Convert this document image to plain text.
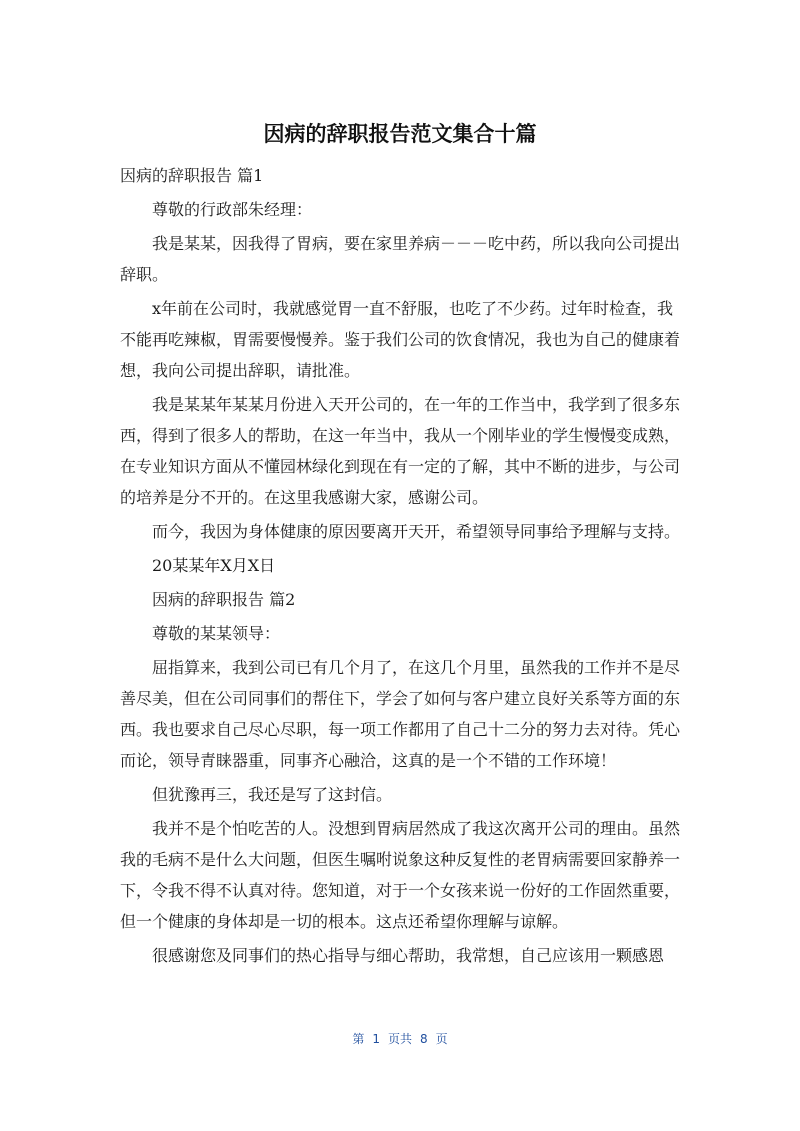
因病的辞职报告范文集合十篇

因病的辞职报告 篇1

尊敬的行政部朱经理：

我是某某，因我得了胃病，要在家里养病－－－吃中药，所以我向公司提出辞职。

x年前在公司时，我就感觉胃一直不舒服，也吃了不少药。过年时检查，我不能再吃辣椒，胃需要慢慢养。鉴于我们公司的饮食情况，我也为自己的健康着想，我向公司提出辞职，请批准。

我是某某年某某月份进入天开公司的，在一年的工作当中，我学到了很多东西，得到了很多人的帮助，在这一年当中，我从一个刚毕业的学生慢慢变成熟，在专业知识方面从不懂园林绿化到现在有一定的了解，其中不断的进步，与公司的培养是分不开的。在这里我感谢大家，感谢公司。

而今，我因为身体健康的原因要离开天开，希望领导同事给予理解与支持。

20某某年X月X日

因病的辞职报告 篇2

尊敬的某某领导：

屈指算来，我到公司已有几个月了，在这几个月里，虽然我的工作并不是尽善尽美，但在公司同事们的帮住下，学会了如何与客户建立良好关系等方面的东西。我也要求自己尽心尽职，每一项工作都用了自己十二分的努力去对待。凭心而论，领导青睐器重，同事齐心融洽，这真的是一个不错的工作环境！

但犹豫再三，我还是写了这封信。

我并不是个怕吃苦的人。没想到胃病居然成了我这次离开公司的理由。虽然我的毛病不是什么大问题，但医生嘱咐说象这种反复性的老胃病需要回家静养一下，令我不得不认真对待。您知道，对于一个女孩来说一份好的工作固然重要，但一个健康的身体却是一切的根本。这点还希望你理解与谅解。

很感谢您及同事们的热心指导与细心帮助，我常想，自己应该用一颗感恩

第 1 页共 8 页
